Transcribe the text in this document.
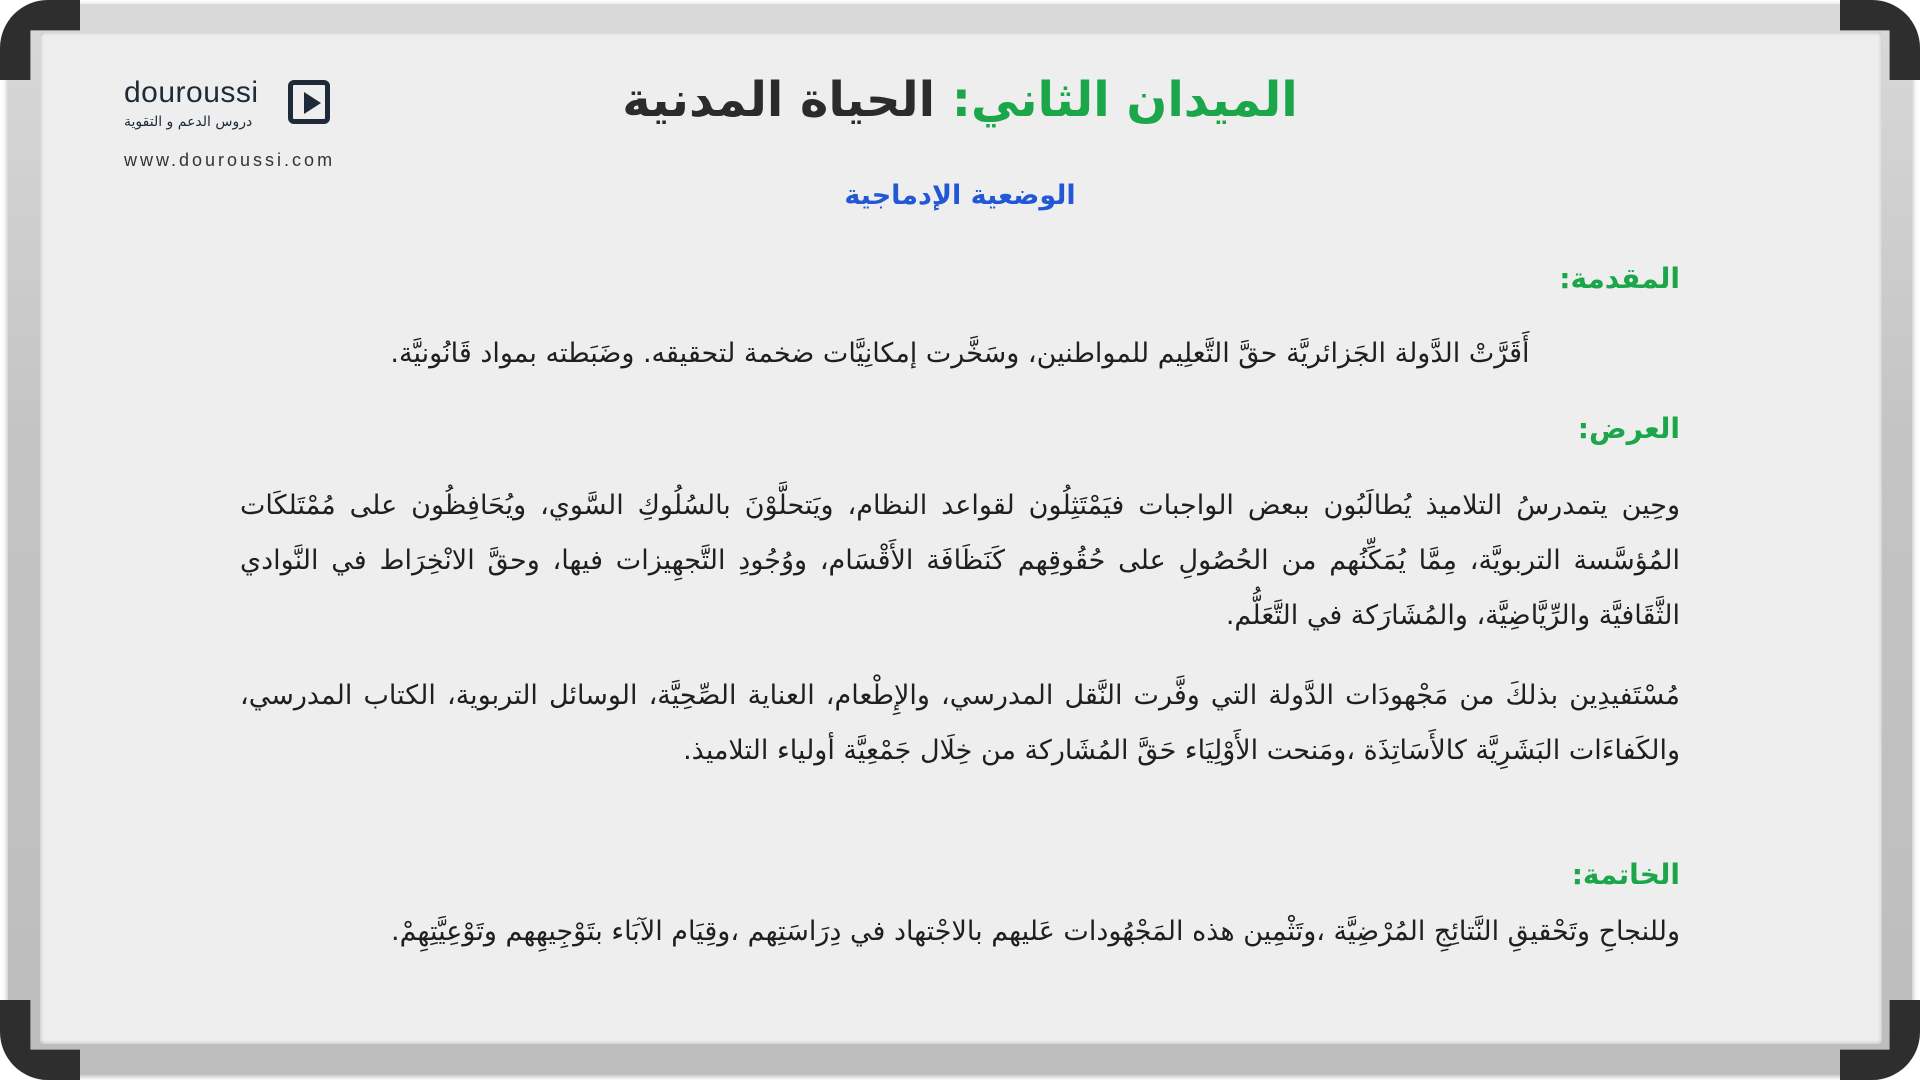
douroussi
دروس الدعم و التقوية
www.douroussi.com
الميدان الثاني: الحياة المدنية
الوضعية الإدماجية
المقدمة:
أَقَرَّتْ الدَّولة الجَزائريَّة حقَّ التَّعلِيم للمواطنين، وسَخَّرت إمكانِيَّات ضخمة لتحقيقه. وضَبَطته بمواد قَانُونيَّة.
العرض:
وحِين يتمدرسُ التلاميذ يُطالَبُون ببعض الواجبات فيَمْتَثِلُون لقواعد النظام، ويَتحلَّوْنَ بالسُلُوكِ السَّوي، ويُحَافِظُون على مُمْتَلكَات المُؤسَّسة التربويَّة، مِمَّا يُمَكِّنُهم من الحُصُولِ على حُقُوقِهم كَنَظَافَة الأَقْسَام، ووُجُودِ التَّجهِيزات فيها، وحقَّ الانْخِرَاط في النَّوادي الثَّقَافيَّة والرِّيَّاضِيَّة، والمُشَارَكة في التَّعَلُّم.
مُسْتَفيدِين بذلكَ من مَجْهودَات الدَّولة التي وفَّرت النَّقل المدرسي، والإِطْعام، العناية الصِّحِيَّة، الوسائل التربوية، الكتاب المدرسي، والكَفاءَات البَشَرِيَّة كالأَسَاتِذَة ،ومَنحت الأَوْلِيَاء حَقَّ المُشَاركة من خِلَال جَمْعِيَّة أولياء التلاميذ.
الخاتمة:
وللنجاحِ وتَحْقيقِ النَّتائِجِ المُرْضِيَّة ،وتَثْمِين هذه المَجْهُودات عَليهم بالاجْتهاد في دِرَاسَتِهم ،وقِيَام الآبَاء بتَوْجِيهِهم وتَوْعِيَّتِهِمْ.
